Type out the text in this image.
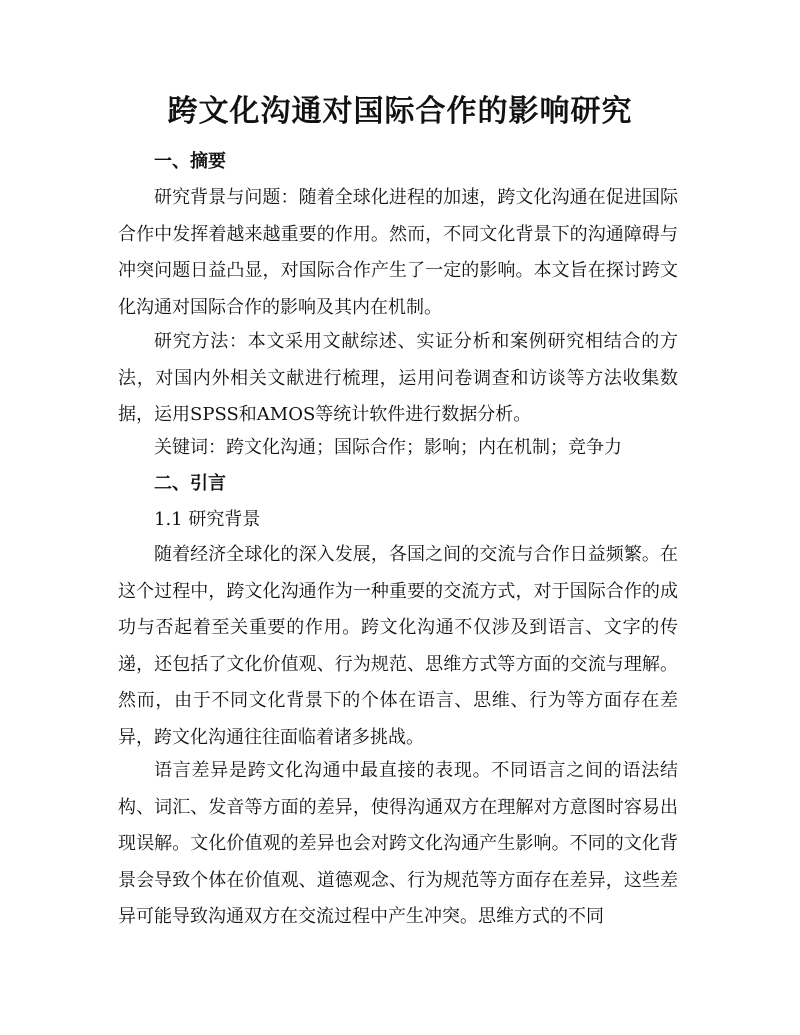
跨文化沟通对国际合作的影响研究
一、摘要

研究背景与问题：随着全球化进程的加速，跨文化沟通在促进国际合作中发挥着越来越重要的作用。然而，不同文化背景下的沟通障碍与冲突问题日益凸显，对国际合作产生了一定的影响。本文旨在探讨跨文化沟通对国际合作的影响及其内在机制。

研究方法：本文采用文献综述、实证分析和案例研究相结合的方法，对国内外相关文献进行梳理，运用问卷调查和访谈等方法收集数据，运用SPSS和AMOS等统计软件进行数据分析。

关键词：跨文化沟通；国际合作；影响；内在机制；竞争力

二、引言

1.1 研究背景

随着经济全球化的深入发展，各国之间的交流与合作日益频繁。在这个过程中，跨文化沟通作为一种重要的交流方式，对于国际合作的成功与否起着至关重要的作用。跨文化沟通不仅涉及到语言、文字的传递，还包括了文化价值观、行为规范、思维方式等方面的交流与理解。然而，由于不同文化背景下的个体在语言、思维、行为等方面存在差异，跨文化沟通往往面临着诸多挑战。

语言差异是跨文化沟通中最直接的表现。不同语言之间的语法结构、词汇、发音等方面的差异，使得沟通双方在理解对方意图时容易出现误解。文化价值观的差异也会对跨文化沟通产生影响。不同的文化背景会导致个体在价值观、道德观念、行为规范等方面存在差异，这些差异可能导致沟通双方在交流过程中产生冲突。思维方式的不同
